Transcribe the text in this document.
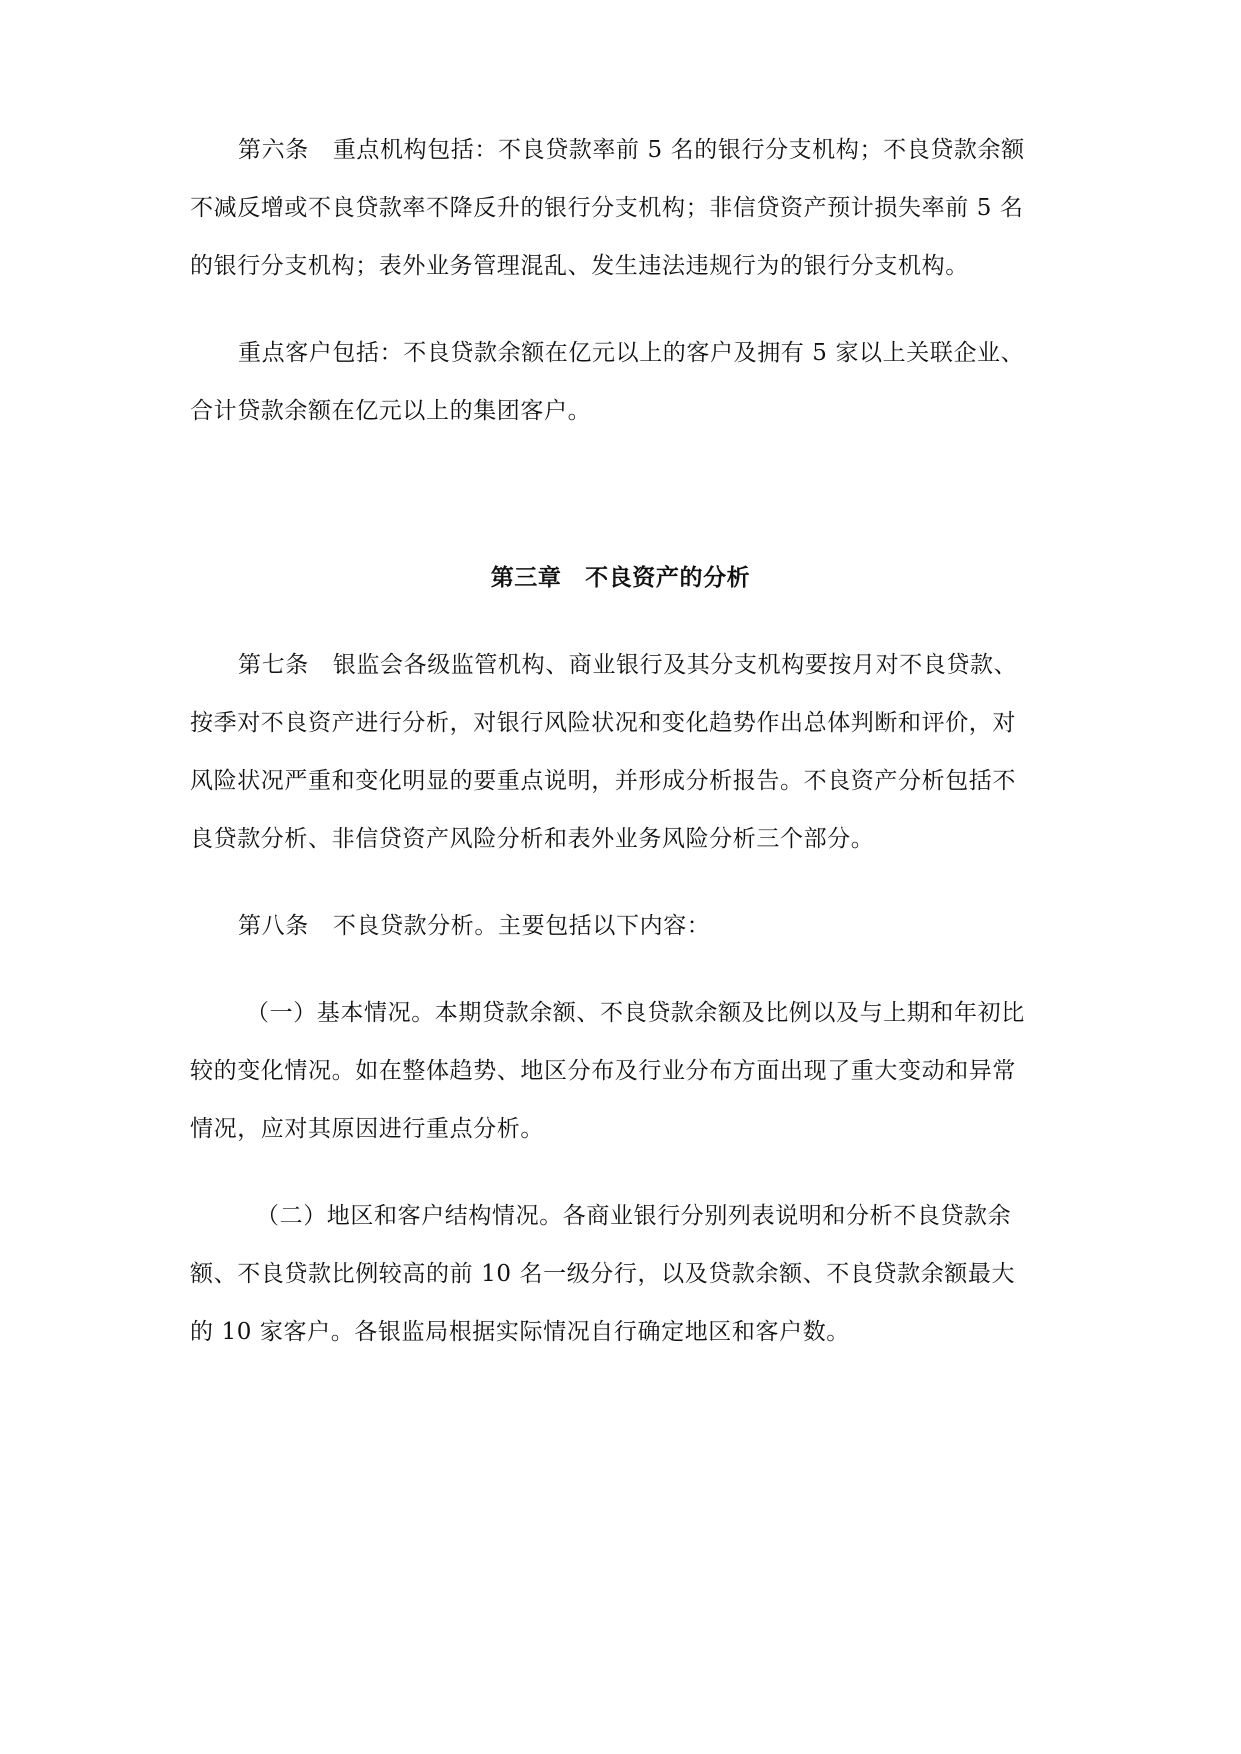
第六条 重点机构包括：不良贷款率前 5 名的银行分支机构；不良贷款余额
不减反增或不良贷款率不降反升的银行分支机构；非信贷资产预计损失率前 5 名
的银行分支机构；表外业务管理混乱、发生违法违规行为的银行分支机构。
重点客户包括：不良贷款余额在亿元以上的客户及拥有 5 家以上关联企业、
合计贷款余额在亿元以上的集团客户。
第三章　不良资产的分析
第七条 银监会各级监管机构、商业银行及其分支机构要按月对不良贷款、
按季对不良资产进行分析，对银行风险状况和变化趋势作出总体判断和评价，对
风险状况严重和变化明显的要重点说明，并形成分析报告。不良资产分析包括不
良贷款分析、非信贷资产风险分析和表外业务风险分析三个部分。
第八条 不良贷款分析。主要包括以下内容：
（一）基本情况。本期贷款余额、不良贷款余额及比例以及与上期和年初比
较的变化情况。如在整体趋势、地区分布及行业分布方面出现了重大变动和异常
情况，应对其原因进行重点分析。
（二）地区和客户结构情况。各商业银行分别列表说明和分析不良贷款余
额、不良贷款比例较高的前 10 名一级分行，以及贷款余额、不良贷款余额最大
的 10 家客户。各银监局根据实际情况自行确定地区和客户数。
